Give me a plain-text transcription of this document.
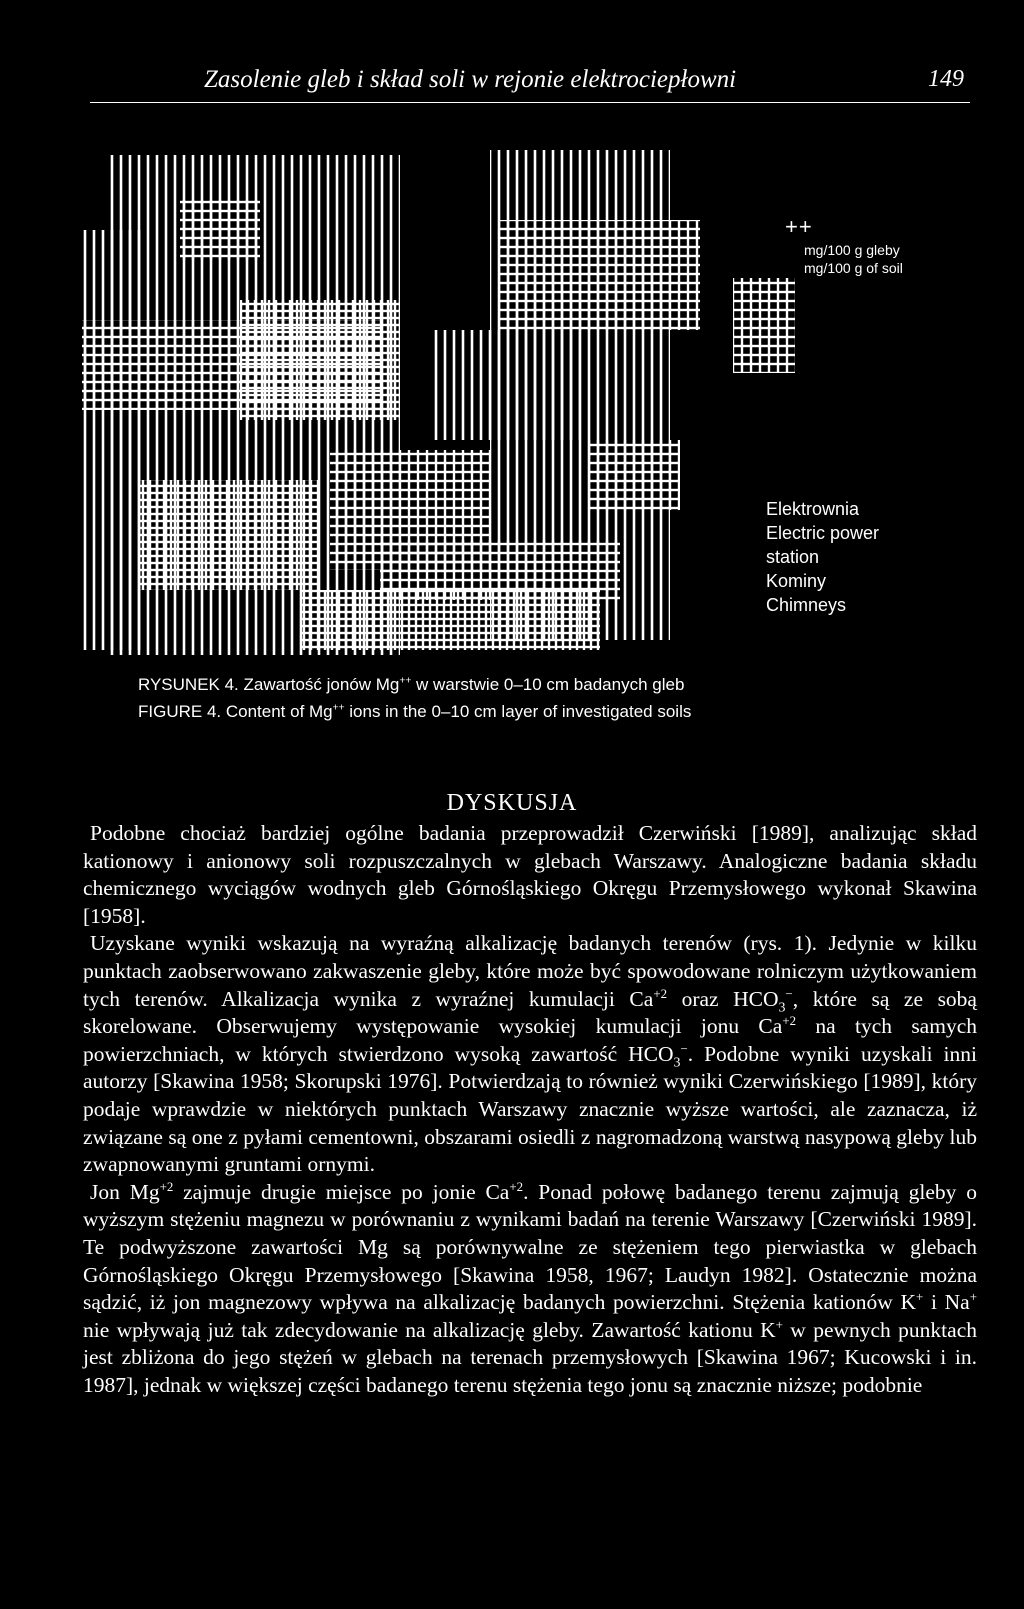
Zasolenie gleb i skład soli w rejonie elektrociepłowni	149
++
mg/100 g gleby
mg/100 g of soil
Elektrownia
Electric power
station
Kominy
Chimneys
RYSUNEK 4. Zawartość jonów Mg++ w warstwie 0–10 cm badanych gleb
FIGURE 4. Content of Mg++ ions in the 0–10 cm layer of investigated soils
DYSKUSJA

Podobne chociaż bardziej ogólne badania przeprowadził Czerwiński [1989], analizując skład kationowy i anionowy soli rozpuszczalnych w glebach Warszawy. Analogiczne badania składu chemicznego wyciągów wodnych gleb Górnośląskiego Okręgu Przemysłowego wykonał Skawina [1958].

Uzyskane wyniki wskazują na wyraźną alkalizację badanych terenów (rys. 1). Jedynie w kilku punktach zaobserwowano zakwaszenie gleby, które może być spowodowane rolniczym użytkowaniem tych terenów. Alkalizacja wynika z wyraźnej kumulacji $Ca^{+2}$ oraz $HCO_3^-$, które są ze sobą skorelowane. Obserwujemy występowanie wysokiej kumulacji jonu $Ca^{+2}$ na tych samych powierzchniach, w których stwierdzono wysoką zawartość $HCO_3^-$. Podobne wyniki uzyskali inni autorzy [Skawina 1958; Skorupski 1976]. Potwierdzają to również wyniki Czerwińskiego [1989], który podaje wprawdzie w niektórych punktach Warszawy znacznie wyższe wartości, ale zaznacza, iż związane są one z pyłami cementowni, obszarami osiedli z nagromadzoną warstwą nasypową gleby lub zwapnowanymi gruntami ornymi.

Jon $Mg^{+2}$ zajmuje drugie miejsce po jonie $Ca^{+2}$. Ponad połowę badanego terenu zajmują gleby o wyższym stężeniu magnezu w porównaniu z wynikami badań na terenie Warszawy [Czerwiński 1989]. Te podwyższone zawartości Mg są porównywalne ze stężeniem tego pierwiastka w glebach Górnośląskiego Okręgu Przemysłowego [Skawina 1958, 1967; Laudyn 1982]. Ostatecznie można sądzić, iż jon magnezowy wpływa na alkalizację badanych powierzchni. Stężenia kationów K+ i Na+ nie wpływają już tak zdecydowanie na alkalizację gleby. Zawartość kationu K+ w pewnych punktach jest zbliżona do jego stężeń w glebach na terenach przemysłowych [Skawina 1967; Kucowski i in. 1987], jednak w większej części badanego terenu stężenia tego jonu są znacznie niższe; podobnie
